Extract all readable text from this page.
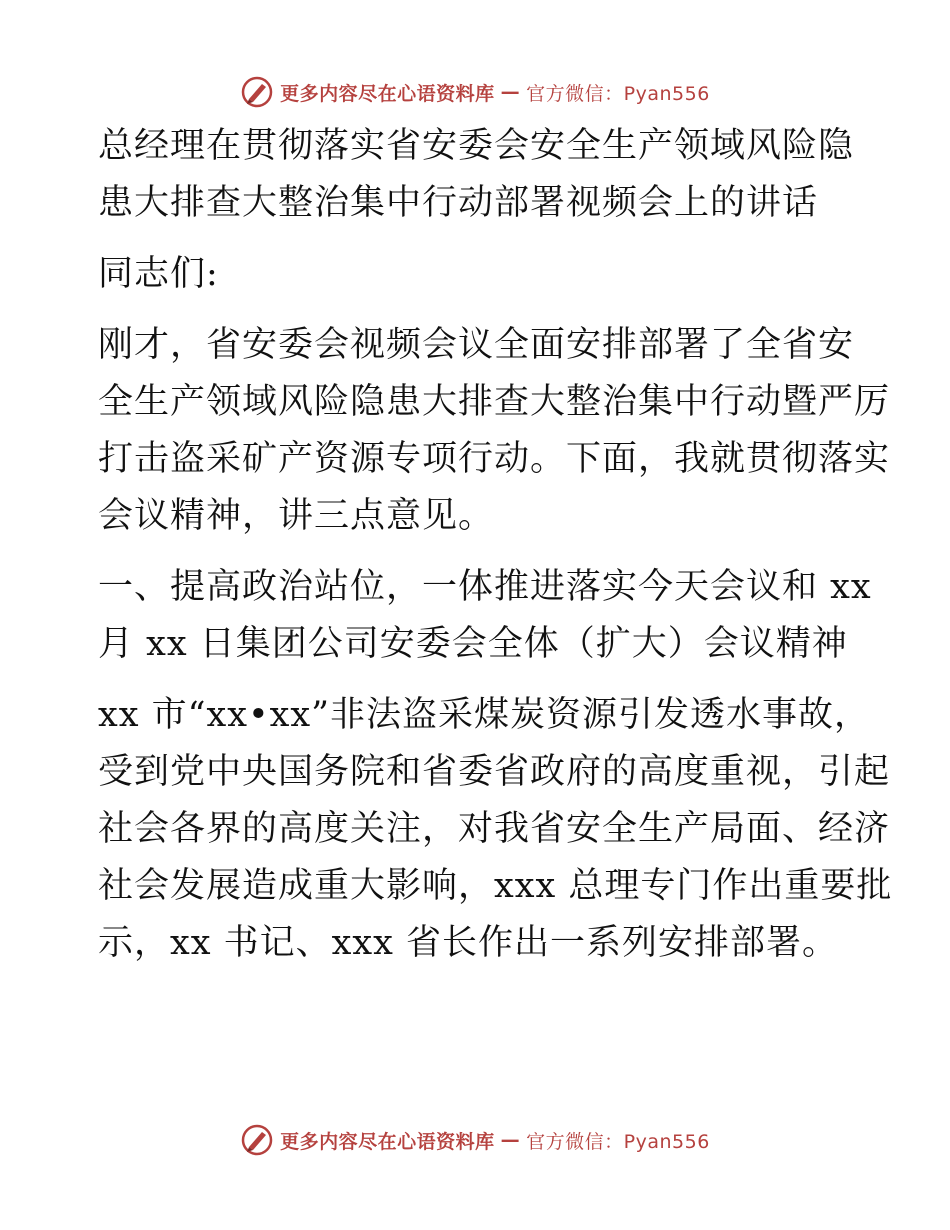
更多内容尽在心语资料库 — 官方微信：Pyan556
总经理在贯彻落实省安委会安全生产领域风险隐
患大排查大整治集中行动部署视频会上的讲话
同志们:
刚才，省安委会视频会议全面安排部署了全省安
全生产领域风险隐患大排查大整治集中行动暨严厉
打击盗采矿产资源专项行动。下面，我就贯彻落实
会议精神，讲三点意见。
一、提高政治站位，一体推进落实今天会议和 xx
月 xx 日集团公司安委会全体（扩大）会议精神
xx 市“xx•xx”非法盗采煤炭资源引发透水事故，
受到党中央国务院和省委省政府的高度重视，引起
社会各界的高度关注，对我省安全生产局面、经济
社会发展造成重大影响，xxx 总理专门作出重要批
示，xx 书记、xxx 省长作出一系列安排部署。
更多内容尽在心语资料库 — 官方微信：Pyan556
